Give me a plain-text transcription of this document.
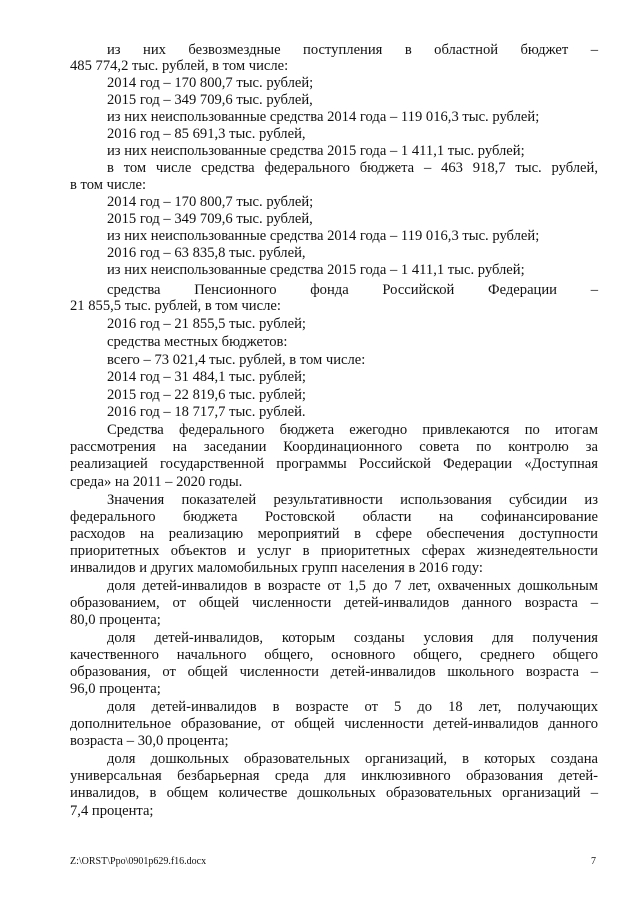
из них безвозмездные поступления в областной бюджет –
485 774,2 тыс. рублей, в том числе:
2014 год – 170 800,7 тыс. рублей;
2015 год – 349 709,6 тыс. рублей,
из них неиспользованные средства 2014 года – 119 016,3 тыс. рублей;
2016 год – 85 691,3 тыс. рублей,
из них неиспользованные средства 2015 года – 1 411,1 тыс. рублей;
в том числе средства федерального бюджета – 463 918,7 тыс. рублей,
в том числе:
2014 год – 170 800,7 тыс. рублей;
2015 год – 349 709,6 тыс. рублей,
из них неиспользованные средства 2014 года – 119 016,3 тыс. рублей;
2016 год – 63 835,8 тыс. рублей,
из них неиспользованные средства 2015 года – 1 411,1 тыс. рублей;
средства Пенсионного фонда Российской Федерации –
21 855,5 тыс. рублей, в том числе:
2016 год – 21 855,5 тыс. рублей;
средства местных бюджетов:
всего – 73 021,4 тыс. рублей, в том числе:
2014 год – 31 484,1 тыс. рублей;
2015 год – 22 819,6 тыс. рублей;
2016 год – 18 717,7 тыс. рублей.
Средства федерального бюджета ежегодно привлекаются по итогам
рассмотрения на заседании Координационного совета по контролю за
реализацией государственной программы Российской Федерации «Доступная
среда» на 2011 – 2020 годы.
Значения показателей результативности использования субсидии из
федерального бюджета Ростовской области на софинансирование
расходов на реализацию мероприятий в сфере обеспечения доступности
приоритетных объектов и услуг в приоритетных сферах жизнедеятельности
инвалидов и других маломобильных групп населения в 2016 году:
доля детей-инвалидов в возрасте от 1,5 до 7 лет, охваченных дошкольным
образованием, от общей численности детей-инвалидов данного возраста –
80,0 процента;
доля детей-инвалидов, которым созданы условия для получения
качественного начального общего, основного общего, среднего общего
образования, от общей численности детей-инвалидов школьного возраста –
96,0 процента;
доля детей-инвалидов в возрасте от 5 до 18 лет, получающих
дополнительное образование, от общей численности детей-инвалидов данного
возраста – 30,0 процента;
доля дошкольных образовательных организаций, в которых создана
универсальная безбарьерная среда для инклюзивного образования детей-
инвалидов, в общем количестве дошкольных образовательных организаций –
7,4 процента;
Z:\ORST\Ppo\0901p629.f16.docx	7
